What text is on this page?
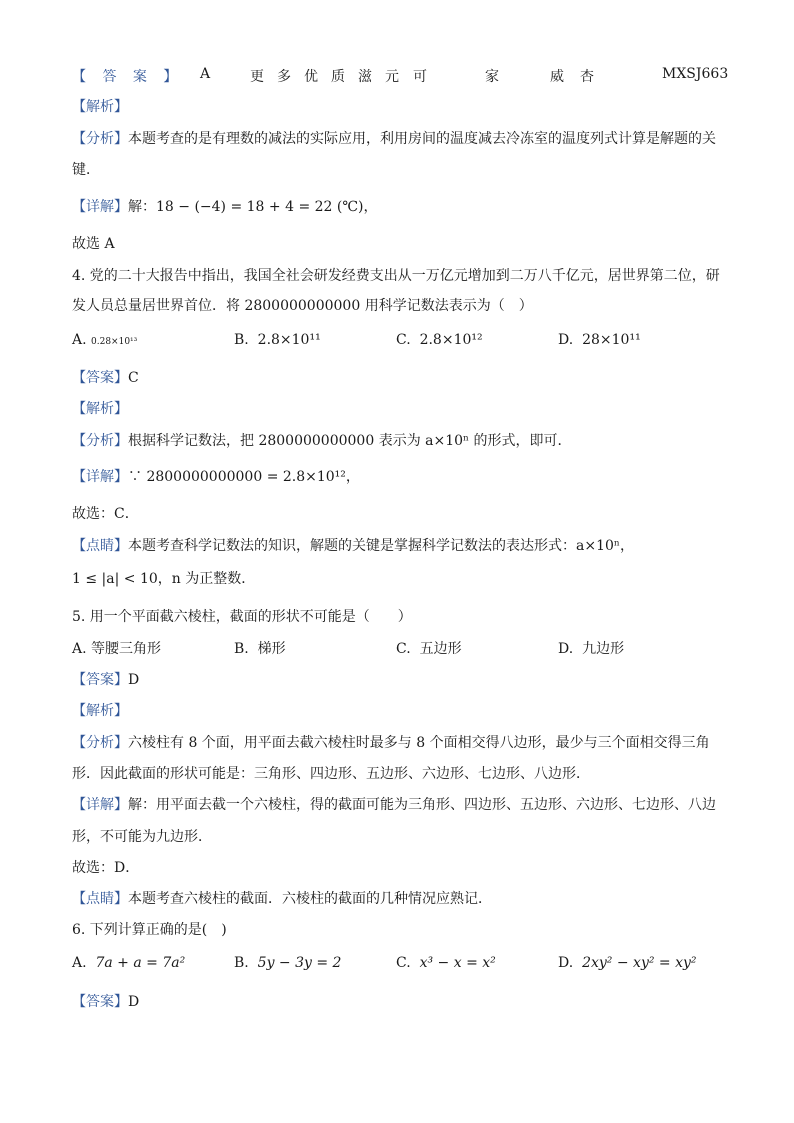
【 答 案 】 A	更 多 优 质 滋 元 可	家	威 杏	MXSJ663
【解析】
【分析】本题考查的是有理数的减法的实际应用，利用房间的温度减去冷冻室的温度列式计算是解题的关
键．
【详解】解：18 − (−4) = 18 + 4 = 22 (℃)，
故选 A
4. 党的二十大报告中指出，我国全社会研发经费支出从一万亿元增加到二万八千亿元，居世界第二位，研
发人员总量居世界首位．将 2800000000000 用科学记数法表示为（　）
A. 0.28×10¹³	B. 2.8×10¹¹	C. 2.8×10¹²	D. 28×10¹¹
【答案】C
【解析】
【分析】根据科学记数法，把 2800000000000 表示为 a×10ⁿ 的形式，即可．
【详解】∵ 2800000000000 = 2.8×10¹²，
故选：C．
【点睛】本题考查科学记数法的知识，解题的关键是掌握科学记数法的表达形式：a×10ⁿ，
1 ≤ |a| < 10，n 为正整数．
5. 用一个平面截六棱柱，截面的形状不可能是（　　）
A. 等腰三角形	B. 梯形	C. 五边形	D. 九边形
【答案】D
【解析】
【分析】六棱柱有 8 个面，用平面去截六棱柱时最多与 8 个面相交得八边形，最少与三个面相交得三角
形．因此截面的形状可能是：三角形、四边形、五边形、六边形、七边形、八边形．
【详解】解：用平面去截一个六棱柱，得的截面可能为三角形、四边形、五边形、六边形、七边形、八边
形，不可能为九边形．
故选：D．
【点睛】本题考查六棱柱的截面．六棱柱的截面的几种情况应熟记．
6. 下列计算正确的是(　)
A. 7a + a = 7a²	B. 5y − 3y = 2	C. x³ − x = x²	D. 2xy² − xy² = xy²
【答案】D
